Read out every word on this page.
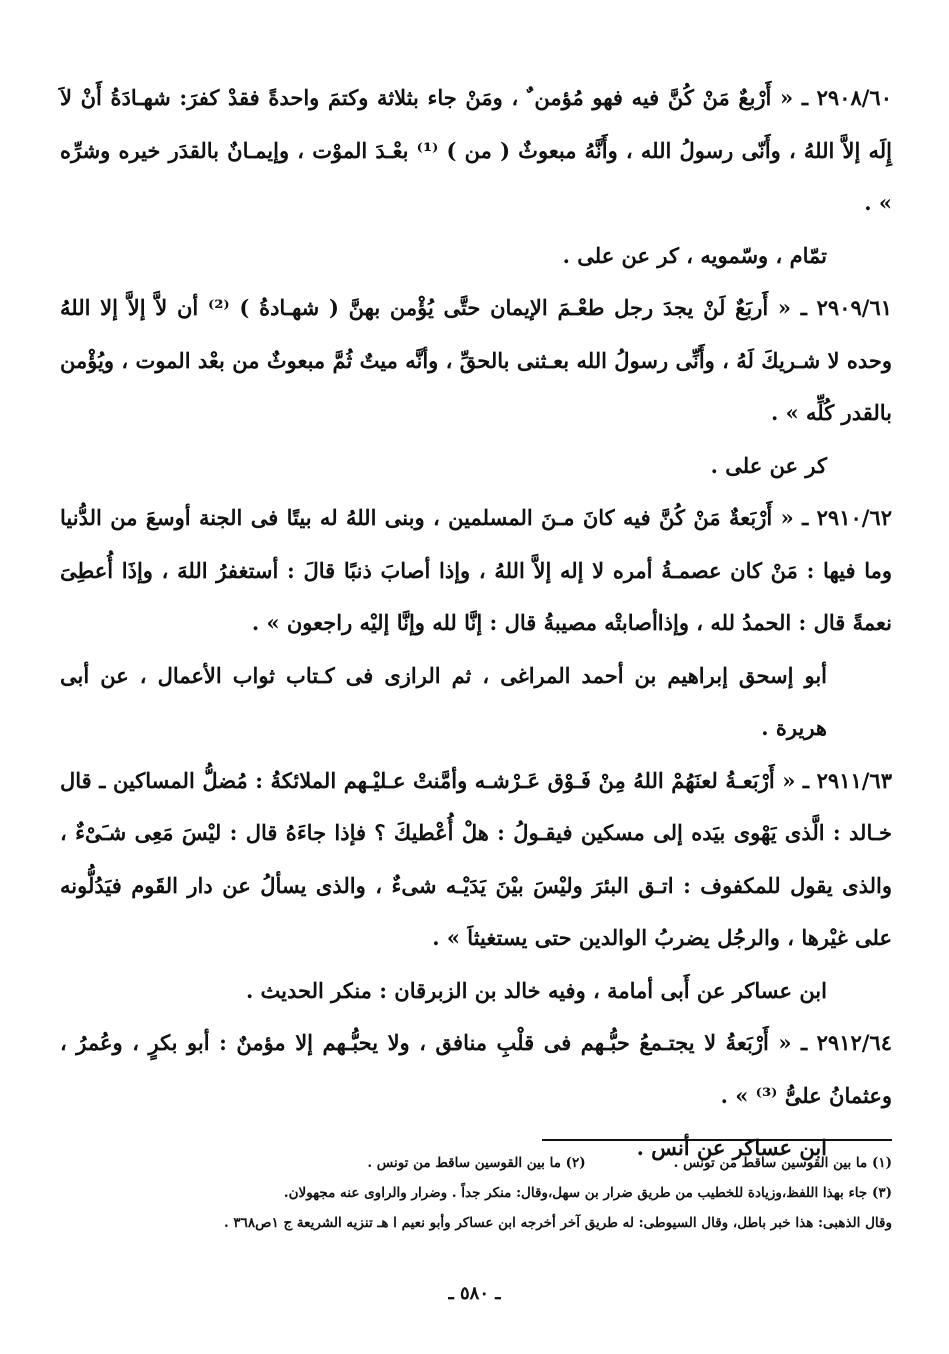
٢٩٠٨/٦٠ ـ « أَرْبعٌ مَنْ كُنَّ فيه فهو مُؤمن ٌ ، ومَنْ جاء بثلاثة وكتمَ واحدةً فقدْ كفرَ: شهـادَةُ أَنْ لاَ إِلَه إلاَّ اللهُ ، وأَنّى رسولُ الله ، وأَنَّهُ مبعوثٌ ( من ) ⁽¹⁾ بعْـدَ الموْت ، وإيمـانٌ بالقدَر خيره وشرِّه » .

تمّام ، وسّمويه ، كر عن على .

٢٩٠٩/٦١ ـ « أَربَعٌ لَنْ يجدَ رجل طعْـمَ الإيمان حتَّى يُؤْمن بهنَّ ( شهـادةُ ) ⁽²⁾ أن لاَّ إلاَّ إلا اللهُ وحده لا شـريكَ لَهُ ، وأَنِّى رسولُ الله بعـثنى بالحقِّ ، وأنَّه ميتٌ ثُمَّ مبعوثٌ من بعْد الموت ، ويُؤْمن بالقدر كُلِّه » .

كر عن على .

٢٩١٠/٦٢ ـ « أَرْبَعةٌ مَنْ كُنَّ فيه كانَ مـنَ المسلمين ، وبنى اللهُ له بيتًا فى الجنة أوسعَ من الدُّنيا وما فيها : مَنْ كان عصمـةُ أمره لا إله إلاَّ اللهُ ، وإذا أصابَ ذنبًا قالَ : أستغفرُ اللهَ ، وإذَا أُعطِىَ نعمةً قال : الحمدُ لله ، وإذاأصابتْه مصيبةُ قال : إنَّا لله وإنَّا إليْه راجعون » .

أبو إسحق إبراهيم بن أحمد المراغى ، ثم الرازى فى كـتاب ثواب الأعمال ، عن أبى هريرة .

٢٩١١/٦٣ ـ « أَرْبَعـةُ لعنَهُمْ اللهُ مِنْ فَـوْق عَـرْشـه وأمَّنتْ عـليْـهم الملائكةُ : مُضلُّ المساكين ـ قال خـالد : الَّذى يَهْوى بيَده إلى مسكين فيقـولُ : هلْ أُعْطيكَ ؟ فإذا جاءَهُ قال : ليْسَ مَعِى شـَىْءٌ ، والذى يقول للمكفوف : اتـق البئرَ وليْسَ بيْنَ يَدَيْـه شىءٌ ، والذى يسألُ عن دار القَوم فيَدُلُّونه على غيْرها ، والرجُل يضربُ الوالدين حتى يستغيثاَ » .

ابن عساكر عن أَبى أمامة ، وفيه خالد بن الزبرقان : منكر الحديث .

٢٩١٢/٦٤ ـ « أَرْبَعةُ لا يجتـمعُ حبُّـهم فى قلْبِ منافق ، ولا يحبُّـهم إلا مؤمنٌ : أبو بكرٍ ، وعُمرُ ، وعثمانُ علىُّ ⁽³⁾ » .

ابن عساكر عن أنس .

(١) ما بين القوسين ساقط من تونس .
(٢) ما بين القوسين ساقط من تونس .

(٣) جاء بهذا اللفظ،وزيادة للخطيب من طريق ضرار بن سهل،وقال: منكر جداً . وضرار والراوى عنه مجهولان.

وقال الذهبى: هذا خبر باطل، وقال السيوطى: له طريق آخر أخرجه ابن عساكر وأبو نعيم ا هـ تنزيه الشريعة ج ١ص٣٦٨ .

ـ ٥٨٠ ـ
